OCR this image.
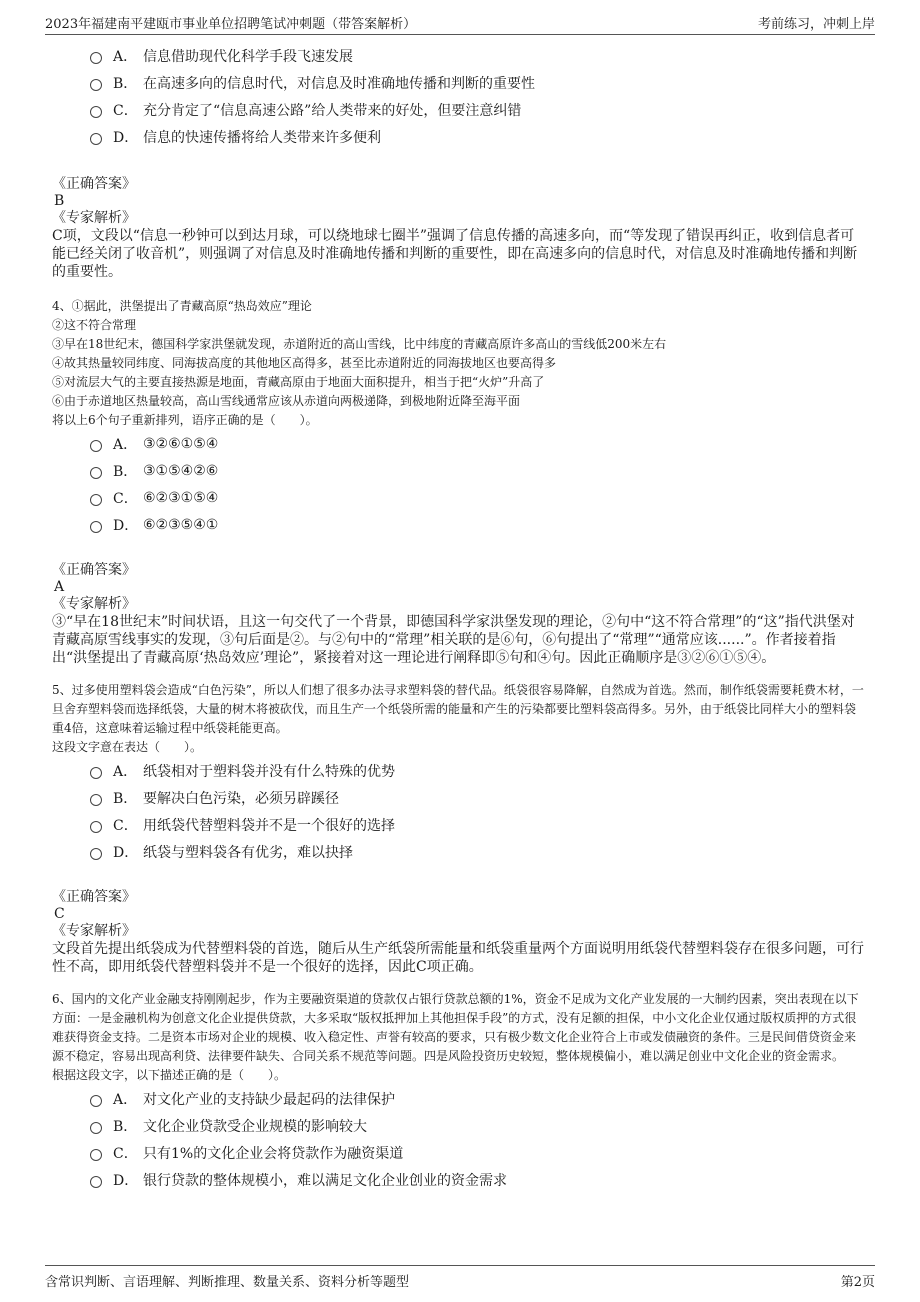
2023年福建南平建瓯市事业单位招聘笔试冲刺题（带答案解析）	考前练习，冲刺上岸
A． 信息借助现代化科学手段飞速发展
B． 在高速多向的信息时代，对信息及时准确地传播和判断的重要性
C． 充分肯定了“信息高速公路”给人类带来的好处，但要注意纠错
D． 信息的快速传播将给人类带来许多便利

《正确答案》

B

《专家解析》

C项，文段以“信息一秒钟可以到达月球，可以绕地球七圈半”强调了信息传播的高速多向，而“等发现了错误再纠正，收到信息者可能已经关闭了收音机”，则强调了对信息及时准确地传播和判断的重要性，即在高速多向的信息时代，对信息及时准确地传播和判断的重要性。

4、①据此，洪堡提出了青藏高原“热岛效应”理论

②这不符合常理

③早在18世纪末，德国科学家洪堡就发现，赤道附近的高山雪线，比中纬度的青藏高原许多高山的雪线低200米左右

④故其热量较同纬度、同海拔高度的其他地区高得多，甚至比赤道附近的同海拔地区也要高得多

⑤对流层大气的主要直接热源是地面，青藏高原由于地面大面积提升，相当于把“火炉”升高了

⑥由于赤道地区热量较高，高山雪线通常应该从赤道向两极递降，到极地附近降至海平面

将以上6个句子重新排列，语序正确的是（　　）。

A． ③②⑥①⑤④
B． ③①⑤④②⑥
C． ⑥②③①⑤④
D． ⑥②③⑤④①

《正确答案》

A

《专家解析》

③“早在18世纪末”时间状语，且这一句交代了一个背景，即德国科学家洪堡发现的理论，②句中“这不符合常理”的“这”指代洪堡对青藏高原雪线事实的发现，③句后面是②。与②句中的“常理”相关联的是⑥句，⑥句提出了“常理”“通常应该......”。作者接着指出“洪堡提出了青藏高原‘热岛效应’理论”，紧接着对这一理论进行阐释即⑤句和④句。因此正确顺序是③②⑥①⑤④。

5、过多使用塑料袋会造成“白色污染”，所以人们想了很多办法寻求塑料袋的替代品。纸袋很容易降解，自然成为首选。然而，制作纸袋需要耗费木材，一旦舍弃塑料袋而选择纸袋，大量的树木将被砍伐，而且生产一个纸袋所需的能量和产生的污染都要比塑料袋高得多。另外，由于纸袋比同样大小的塑料袋重4倍，这意味着运输过程中纸袋耗能更高。

这段文字意在表达（　　）。

A． 纸袋相对于塑料袋并没有什么特殊的优势
B． 要解决白色污染，必须另辟蹊径
C． 用纸袋代替塑料袋并不是一个很好的选择
D． 纸袋与塑料袋各有优劣，难以抉择

《正确答案》

C

《专家解析》

文段首先提出纸袋成为代替塑料袋的首选，随后从生产纸袋所需能量和纸袋重量两个方面说明用纸袋代替塑料袋存在很多问题，可行性不高，即用纸袋代替塑料袋并不是一个很好的选择，因此C项正确。

6、国内的文化产业金融支持刚刚起步，作为主要融资渠道的贷款仅占银行贷款总额的1%，资金不足成为文化产业发展的一大制约因素，突出表现在以下方面：一是金融机构为创意文化企业提供贷款，大多采取“版权抵押加上其他担保手段”的方式，没有足额的担保，中小文化企业仅通过版权质押的方式很难获得资金支持。二是资本市场对企业的规模、收入稳定性、声誉有较高的要求，只有极少数文化企业符合上市或发债融资的条件。三是民间借贷资金来源不稳定，容易出现高利贷、法律要件缺失、合同关系不规范等问题。四是风险投资历史较短，整体规模偏小，难以满足创业中文化企业的资金需求。

根据这段文字，以下描述正确的是（　　）。

A． 对文化产业的支持缺少最起码的法律保护
B． 文化企业贷款受企业规模的影响较大
C． 只有1%的文化企业会将贷款作为融资渠道
D． 银行贷款的整体规模小，难以满足文化企业创业的资金需求
含常识判断、言语理解、判断推理、数量关系、资料分析等题型	第2页
